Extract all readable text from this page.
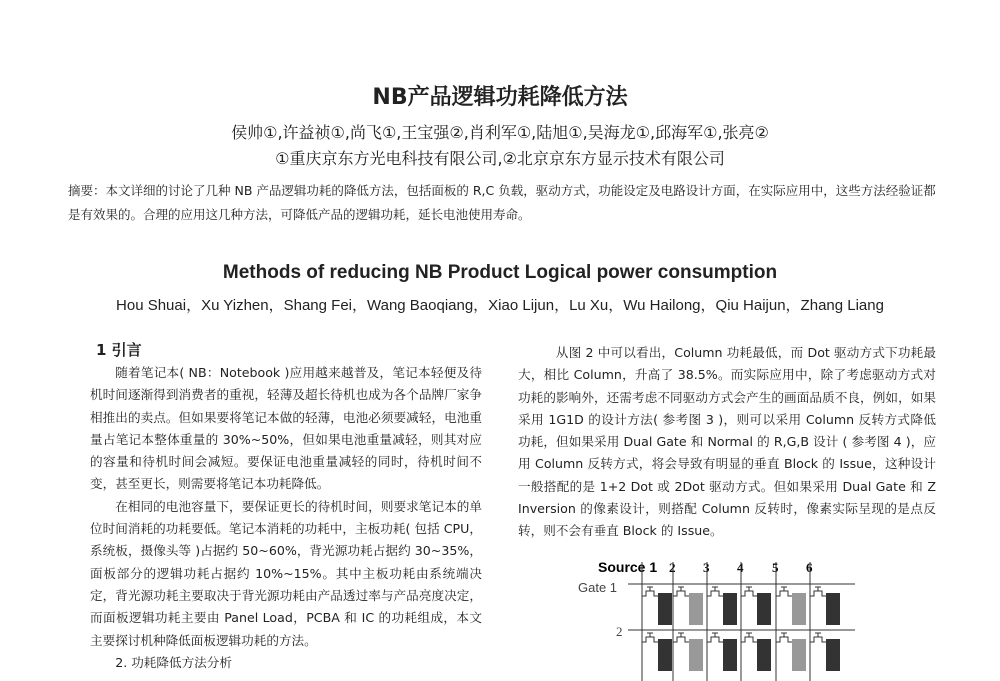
NB产品逻辑功耗降低方法
侯帅①,许益祯①,尚飞①,王宝强②,肖利军①,陆旭①,吴海龙①,邱海军①,张亮②
①重庆京东方光电科技有限公司,②北京京东方显示技术有限公司
摘要：本文详细的讨论了几种 NB 产品逻辑功耗的降低方法，包括面板的 R,C 负载，驱动方式，功能设定及电路设计方面，在实际应用中，这些方法经验证都是有效果的。合理的应用这几种方法，可降低产品的逻辑功耗，延长电池使用寿命。
Methods of reducing NB Product Logical power consumption
Hou Shuai，Xu Yizhen，Shang Fei，Wang Baoqiang，Xiao Lijun，Lu Xu，Wu Hailong，Qiu Haijun，Zhang Liang
1 引言

随着笔记本( NB：Notebook )应用越来越普及，笔记本轻便及待机时间逐渐得到消费者的重视，轻薄及超长待机也成为各个品牌厂家争相推出的卖点。但如果要将笔记本做的轻薄，电池必须要减轻，电池重量占笔记本整体重量的 30%~50%，但如果电池重量减轻，则其对应的容量和待机时间会减短。要保证电池重量减轻的同时，待机时间不变，甚至更长，则需要将笔记本功耗降低。

在相同的电池容量下，要保证更长的待机时间，则要求笔记本的单位时间消耗的功耗要低。笔记本消耗的功耗中，主板功耗( 包括 CPU，系统板，摄像头等 )占据约 50~60%，背光源功耗占据约 30~35%，面板部分的逻辑功耗占据约 10%~15%。其中主板功耗由系统端决定，背光源功耗主要取决于背光源功耗由产品透过率与产品亮度决定，而面板逻辑功耗主要由 Panel Load，PCBA 和 IC 的功耗组成，本文主要探讨机种降低面板逻辑功耗的方法。

2. 功耗降低方法分析

从图 2 中可以看出，Column 功耗最低，而 Dot 驱动方式下功耗最大，相比 Column，升高了 38.5%。而实际应用中，除了考虑驱动方式对功耗的影响外，还需考虑不同驱动方式会产生的画面品质不良，例如，如果采用 1G1D 的设计方法( 参考图 3 )，则可以采用 Column 反转方式降低功耗，但如果采用 Dual Gate 和 Normal 的 R,G,B 设计 ( 参考图 4 )，应用 Column 反转方式，将会导致有明显的垂直 Block 的 Issue，这种设计一般搭配的是 1+2 Dot 或 2Dot 驱动方式。但如果采用 Dual Gate 和 Z Inversion 的像素设计，则搭配 Column 反转时，像素实际呈现的是点反转，则不会有垂直 Block 的 Issue。

Source 1 2 3 4 5 6
Gate 1
2
